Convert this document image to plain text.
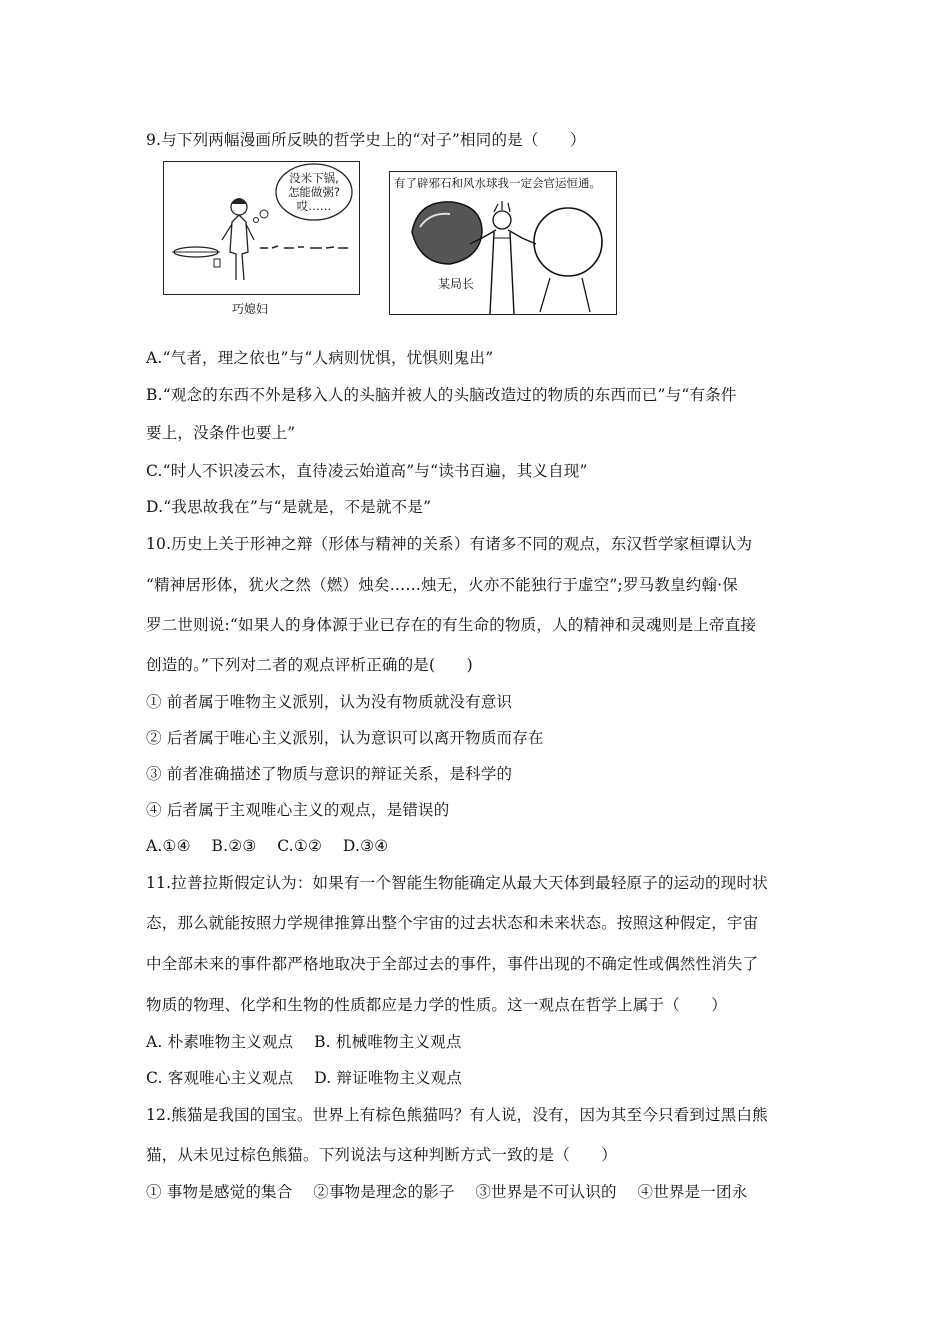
9.与下列两幅漫画所反映的哲学史上的“对子”相同的是（　　）
没米下锅,
怎能做粥?
哎……
巧媳妇
有了辟邪石和风水球我一定会官运恒通。
某局长
A.“气者，理之依也”与“人病则忧惧，忧惧则鬼出”
B.“观念的东西不外是移入人的头脑并被人的头脑改造过的物质的东西而已”与“有条件
要上，没条件也要上”
C.“时人不识凌云木，直待凌云始道高”与“读书百遍，其义自现”
D.“我思故我在”与“是就是，不是就不是”
10.历史上关于形神之辩（形体与精神的关系）有诸多不同的观点，东汉哲学家桓谭认为
“精神居形体，犹火之然（燃）烛矣……烛无，火亦不能独行于虚空”;罗马教皇约翰·保
罗二世则说:“如果人的身体源于业已存在的有生命的物质，人的精神和灵魂则是上帝直接
创造的。”下列对二者的观点评析正确的是(　　)
① 前者属于唯物主义派别，认为没有物质就没有意识
② 后者属于唯心主义派别，认为意识可以离开物质而存在
③ 前者准确描述了物质与意识的辩证关系，是科学的
④ 后者属于主观唯心主义的观点，是错误的
A.①④　 B.②③　 C.①②　 D.③④
11.拉普拉斯假定认为：如果有一个智能生物能确定从最大天体到最轻原子的运动的现时状
态，那么就能按照力学规律推算出整个宇宙的过去状态和未来状态。按照这种假定，宇宙
中全部未来的事件都严格地取决于全部过去的事件，事件出现的不确定性或偶然性消失了
物质的物理、化学和生物的性质都应是力学的性质。这一观点在哲学上属于（　　）
A. 朴素唯物主义观点　 B. 机械唯物主义观点
C. 客观唯心主义观点　 D. 辩证唯物主义观点
12.熊猫是我国的国宝。世界上有棕色熊猫吗？有人说，没有，因为其至今只看到过黑白熊
猫，从未见过棕色熊猫。下列说法与这种判断方式一致的是（　　）
① 事物是感觉的集合　 ②事物是理念的影子　 ③世界是不可认识的　 ④世界是一团永
